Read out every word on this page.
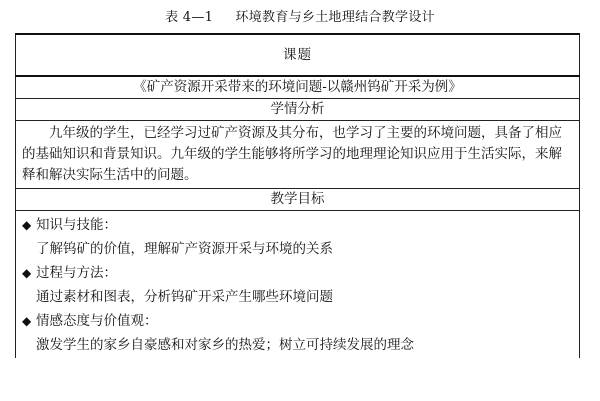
表 4—1     环境教育与乡土地理结合教学设计
课题
《矿产资源开采带来的环境问题-以赣州钨矿开采为例》
学情分析
九年级的学生，已经学习过矿产资源及其分布，也学习了主要的环境问题，具备了相应的基础知识和背景知识。九年级的学生能够将所学习的地理理论知识应用于生活实际，来解释和解决实际生活中的问题。
教学目标

◆ 知识与技能：
了解钨矿的价值，理解矿产资源开采与环境的关系
◆ 过程与方法：
通过素材和图表，分析钨矿开采产生哪些环境问题
◆ 情感态度与价值观：
激发学生的家乡自豪感和对家乡的热爱；树立可持续发展的理念
